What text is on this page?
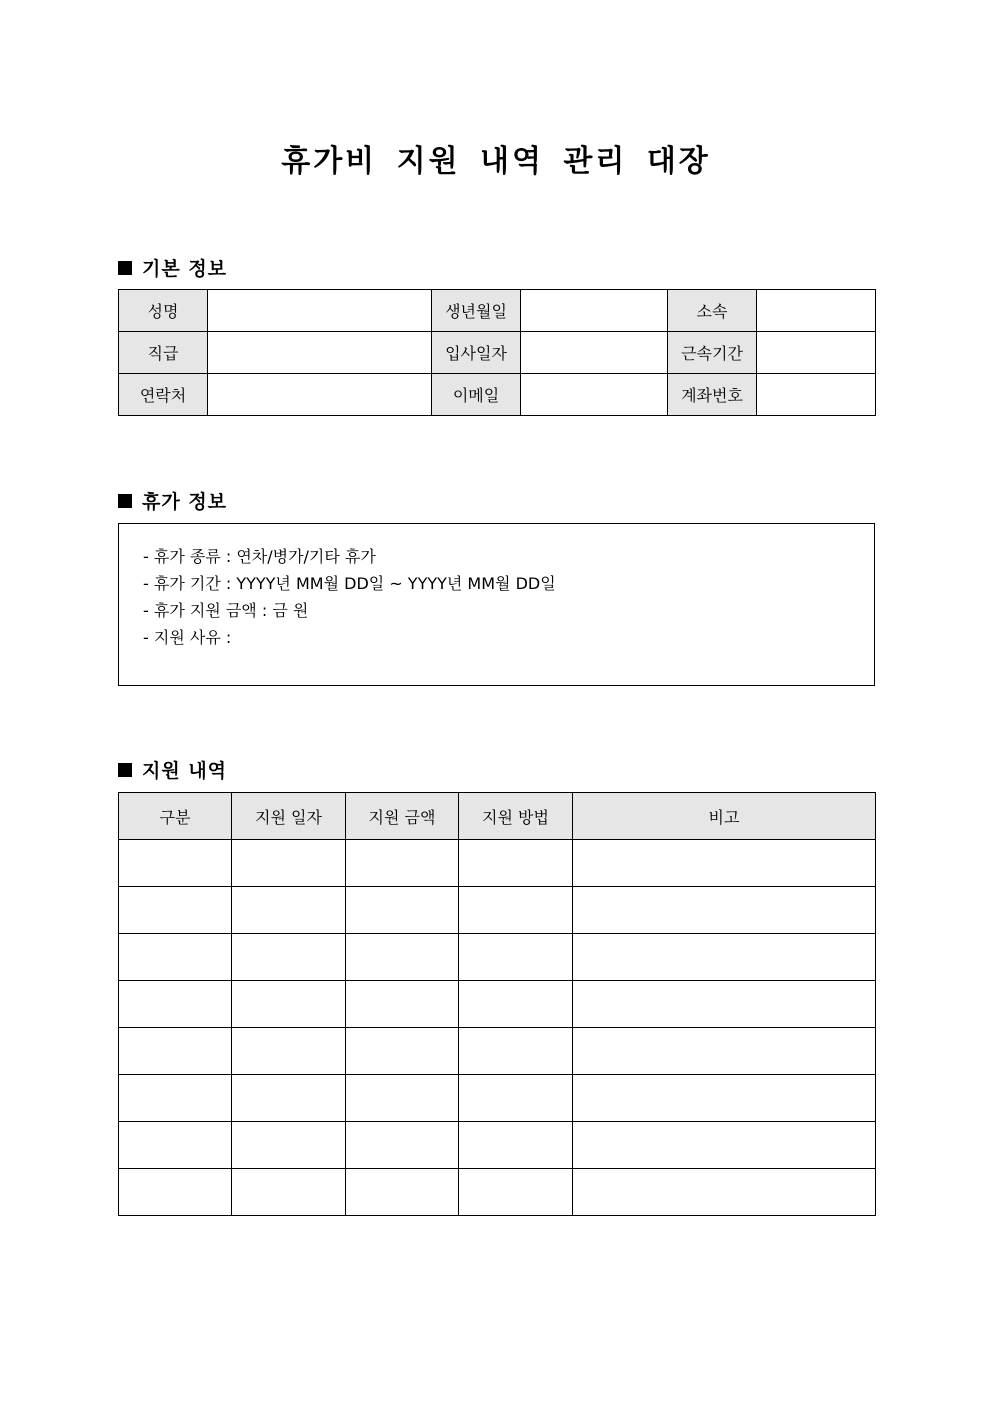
휴가비 지원 내역 관리 대장
기본 정보
성명		생년월일		소속	
직급		입사일자		근속기간	
연락처		이메일		계좌번호	
휴가 정보
- 휴가 종류 : 연차/병가/기타 휴가
- 휴가 기간 : YYYY년 MM월 DD일 ~ YYYY년 MM월 DD일
- 휴가 지원 금액 : 금 원
- 지원 사유 :
지원 내역
구분	지원 일자	지원 금액	지원 방법	비고
